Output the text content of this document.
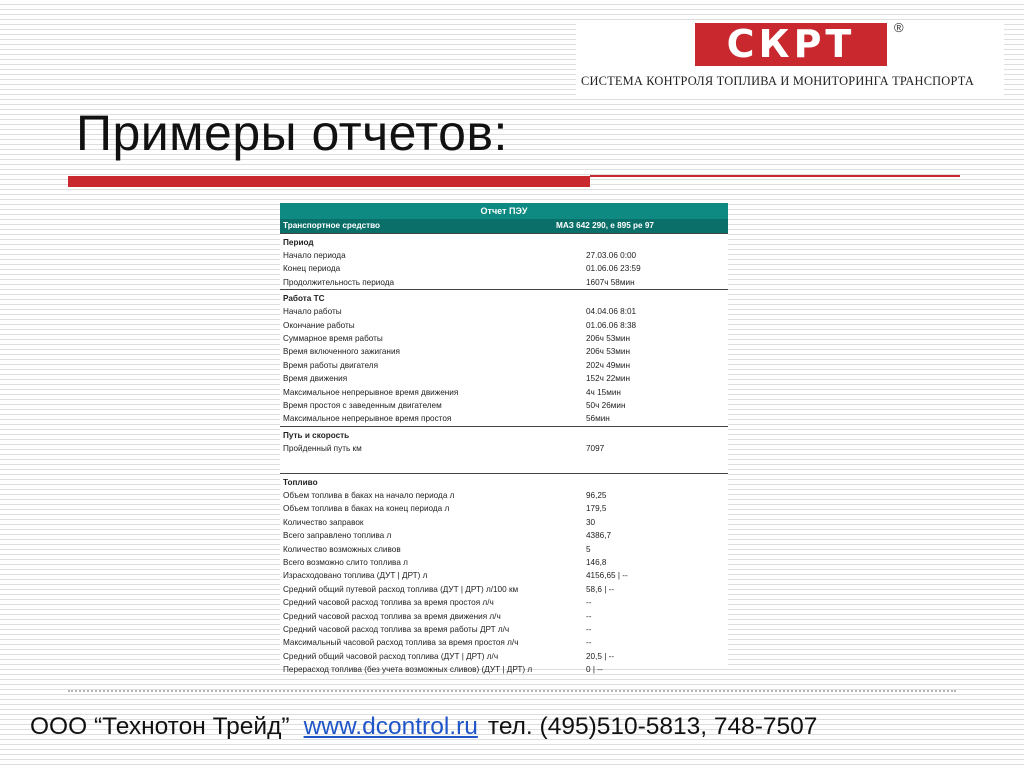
СКРТ	®
СИСТЕМА КОНТРОЛЯ ТОПЛИВА И МОНИТОРИНГА ТРАНСПОРТА
Примеры отчетов:
Отчет ПЭУ
Транспортное средство	МАЗ 642 290, е 895 ре 97
Период
Начало периода	27.03.06 0:00
Конец периода	01.06.06 23:59
Продолжительность периода	1607ч 58мин
Работа ТС
Начало работы	04.04.06 8:01
Окончание работы	01.06.06 8:38
Суммарное время работы	206ч 53мин
Время включенного зажигания	206ч 53мин
Время работы двигателя	202ч 49мин
Время движения	152ч 22мин
Максимальное непрерывное время движения	4ч 15мин
Время простоя с заведенным двигателем	50ч 26мин
Максимальное непрерывное время простоя	56мин
Путь и скорость
Пройденный путь км	7097
Топливо
Объем топлива в баках на начало периода л	96,25
Объем топлива в баках на конец периода л	179,5
Количество заправок	30
Всего заправлено топлива л	4386,7
Количество возможных сливов	5
Всего возможно слито топлива л	146,8
Израсходовано топлива (ДУТ | ДРТ) л	4156,65 | --
Средний общий путевой расход топлива (ДУТ | ДРТ) л/100 км	58,6 | --
Средний часовой расход топлива за время простоя л/ч	--
Средний часовой расход топлива за время движения л/ч	--
Средний часовой расход топлива за время работы ДРТ л/ч	--
Максимальный часовой расход топлива за время простоя л/ч	--
Средний общий часовой расход топлива (ДУТ | ДРТ) л/ч	20,5 | --
Перерасход топлива (без учета возможных сливов) (ДУТ | ДРТ) л	0 | --
ООО “Технотон Трейд” www.dcontrol.ru тел. (495)510-5813, 748-7507
